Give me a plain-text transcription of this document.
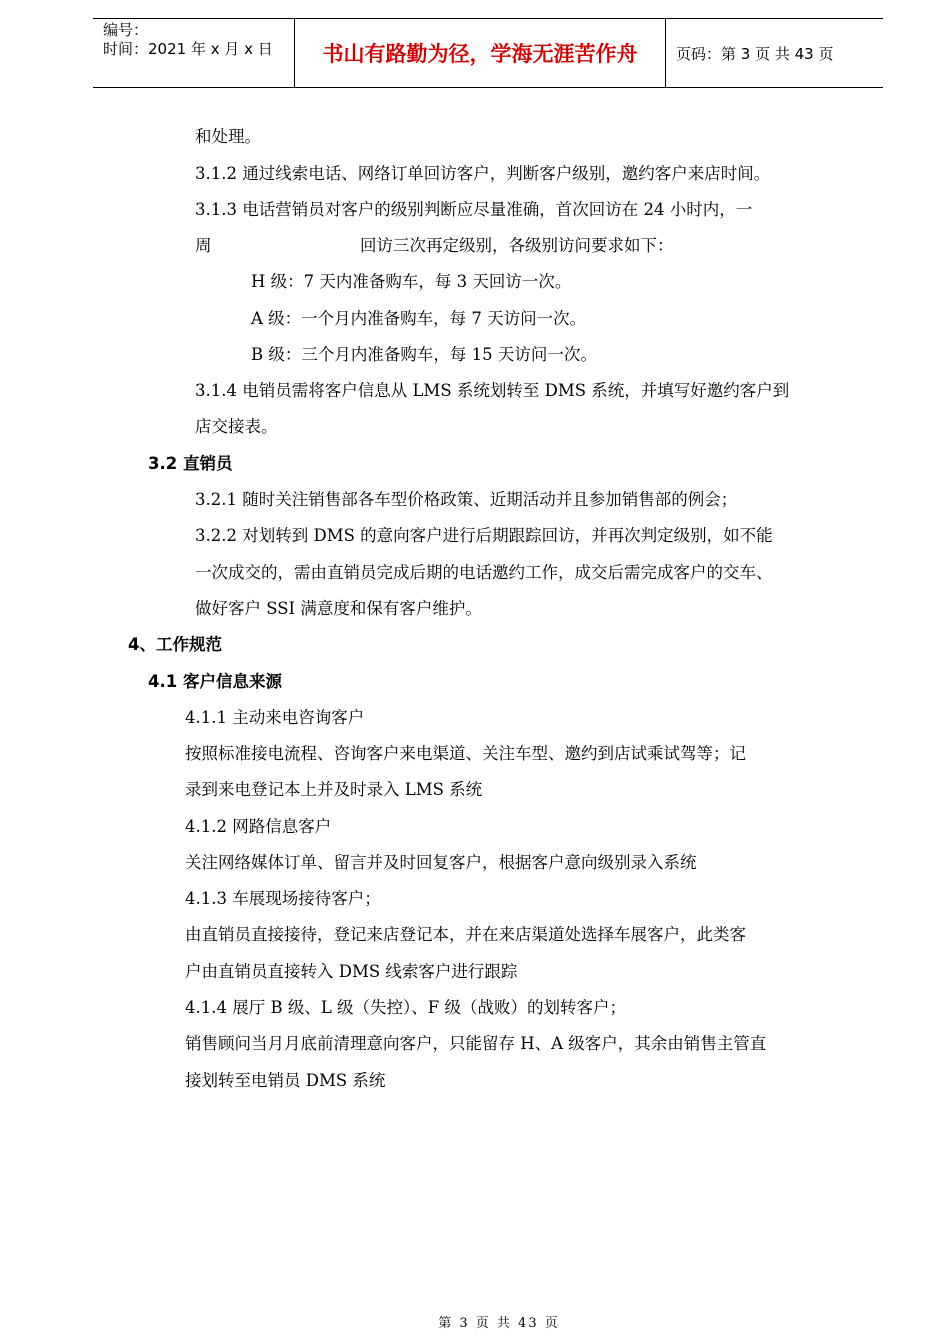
编号：
时间：2021 年 x 月 x 日	书山有路勤为径，学海无涯苦作舟	页码：第 3 页 共 43 页
和处理。
3.1.2 通过线索电话、网络订单回访客户，判断客户级别，邀约客户来店时间。
3.1.3 电话营销员对客户的级别判断应尽量准确，首次回访在 24 小时内，一
周	回访三次再定级别，各级别访问要求如下：
H 级：7 天内准备购车，每 3 天回访一次。
A 级：一个月内准备购车，每 7 天访问一次。
B 级：三个月内准备购车，每 15 天访问一次。
3.1.4 电销员需将客户信息从 LMS 系统划转至 DMS 系统，并填写好邀约客户到
店交接表。
3.2 直销员
3.2.1 随时关注销售部各车型价格政策、近期活动并且参加销售部的例会；
3.2.2 对划转到 DMS 的意向客户进行后期跟踪回访，并再次判定级别，如不能
一次成交的，需由直销员完成后期的电话邀约工作，成交后需完成客户的交车、
做好客户 SSI 满意度和保有客户维护。
4、工作规范
4.1 客户信息来源
4.1.1 主动来电咨询客户
按照标准接电流程、咨询客户来电渠道、关注车型、邀约到店试乘试驾等；记
录到来电登记本上并及时录入 LMS 系统
4.1.2 网路信息客户
关注网络媒体订单、留言并及时回复客户，根据客户意向级别录入系统
4.1.3 车展现场接待客户；
由直销员直接接待，登记来店登记本，并在来店渠道处选择车展客户，此类客
户由直销员直接转入 DMS 线索客户进行跟踪
4.1.4 展厅 B 级、L 级（失控）、F 级（战败）的划转客户；
销售顾问当月月底前清理意向客户，只能留存 H、A 级客户，其余由销售主管直
接划转至电销员 DMS 系统
第 3 页 共 43 页
